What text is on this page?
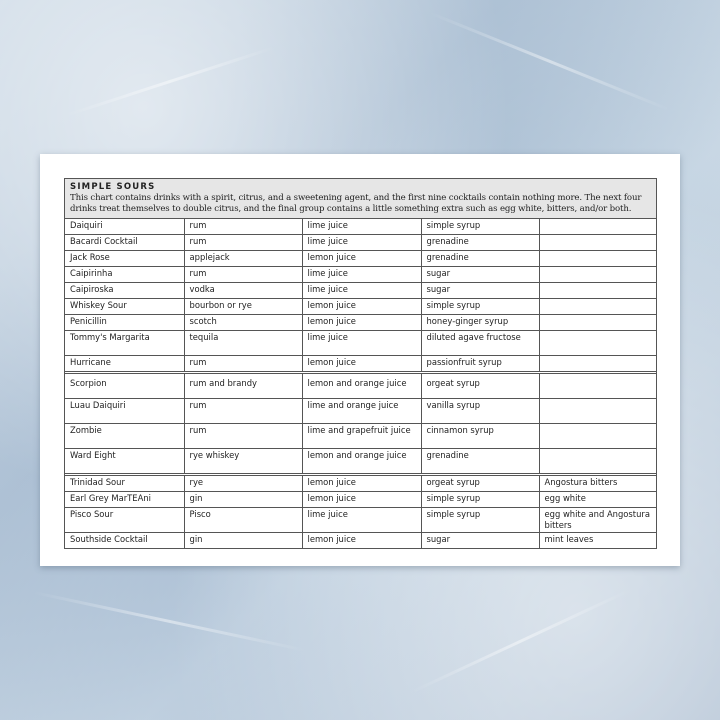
SIMPLE SOURS
This chart contains drinks with a spirit, citrus, and a sweetening agent, and the first nine cocktails contain nothing more. The next four drinks treat themselves to double citrus, and the final group contains a little something extra such as egg white, bitters, and/or both.
Daiquiri	rum	lime juice	simple syrup	
Bacardi Cocktail	rum	lime juice	grenadine	
Jack Rose	applejack	lemon juice	grenadine	
Caipirinha	rum	lime juice	sugar	
Caipiroska	vodka	lime juice	sugar	
Whiskey Sour	bourbon or rye	lemon juice	simple syrup	
Penicillin	scotch	lemon juice	honey-ginger syrup	
Tommy's Margarita	tequila	lime juice	diluted agave fructose	
Hurricane	rum	lemon juice	passionfruit syrup	
Scorpion	rum and brandy	lemon and orange juice	orgeat syrup	
Luau Daiquiri	rum	lime and orange juice	vanilla syrup	
Zombie	rum	lime and grapefruit juice	cinnamon syrup	
Ward Eight	rye whiskey	lemon and orange juice	grenadine	
Trinidad Sour	rye	lemon juice	orgeat syrup	Angostura bitters
Earl Grey MarTEAni	gin	lemon juice	simple syrup	egg white
Pisco Sour	Pisco	lime juice	simple syrup	egg white and Angostura bitters
Southside Cocktail	gin	lemon juice	sugar	mint leaves
